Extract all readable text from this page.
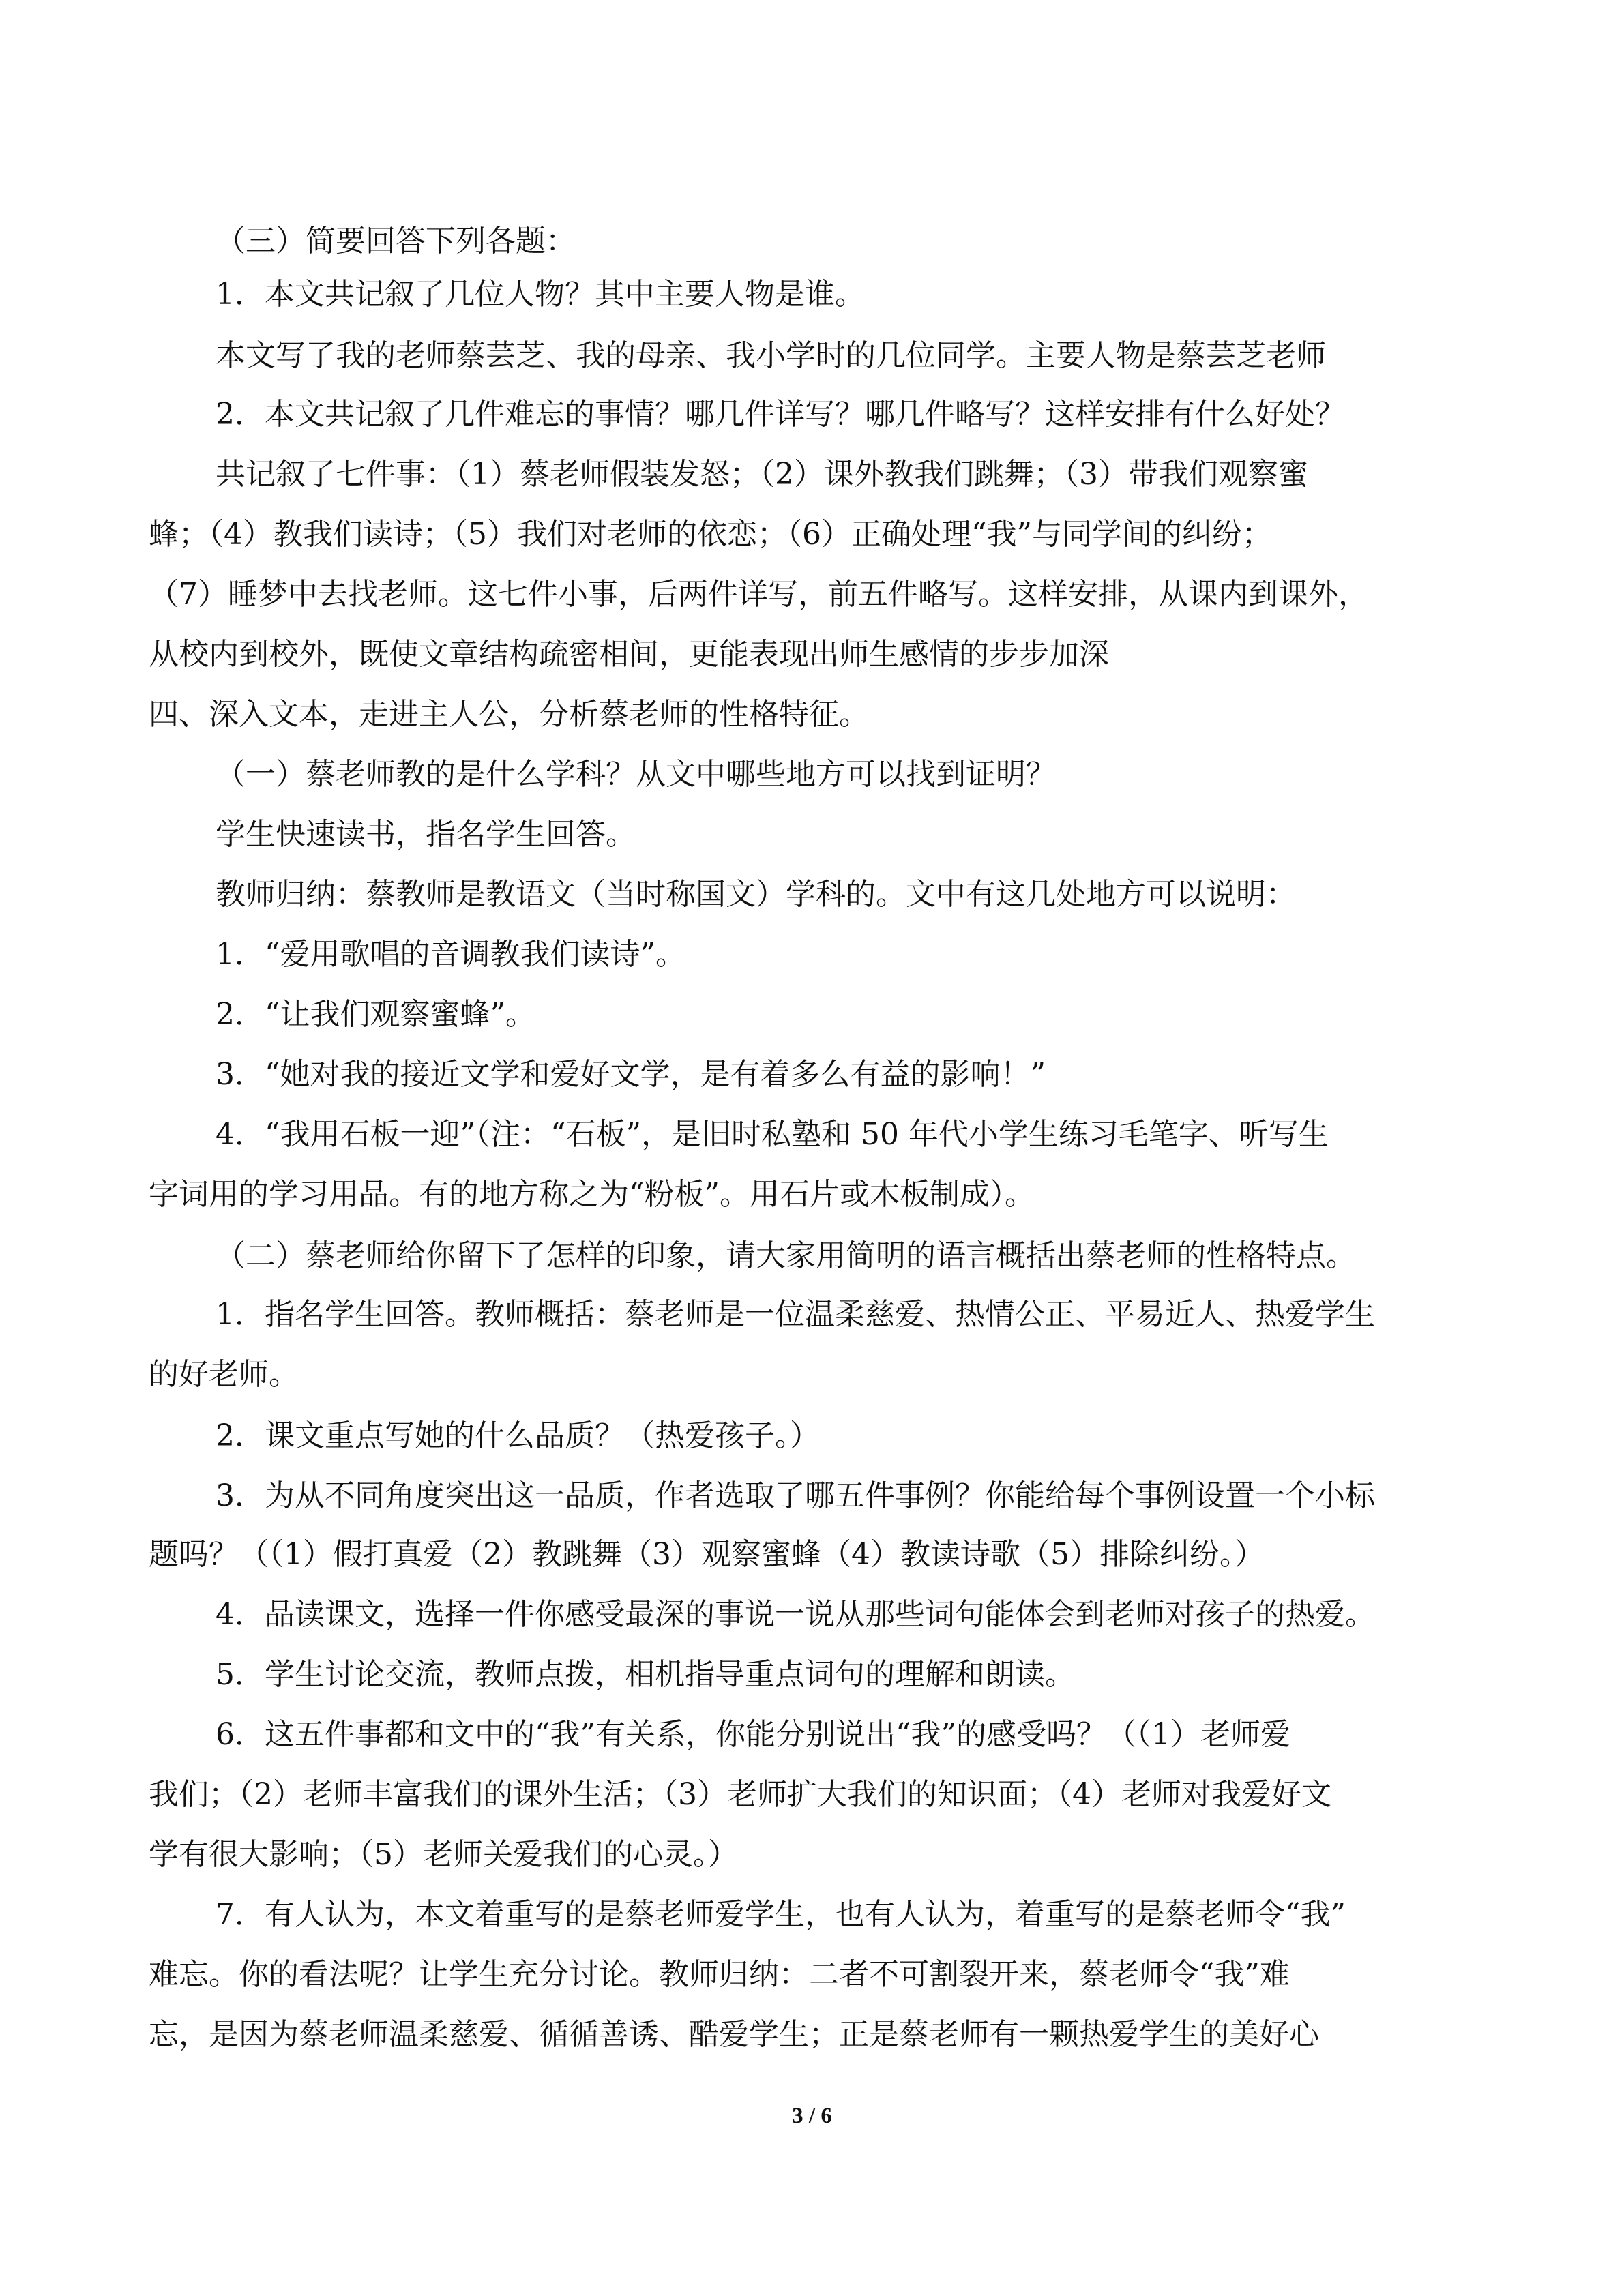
（三）简要回答下列各题：
1．本文共记叙了几位人物？其中主要人物是谁。
本文写了我的老师蔡芸芝、我的母亲、我小学时的几位同学。主要人物是蔡芸芝老师
2．本文共记叙了几件难忘的事情？哪几件详写？哪几件略写？这样安排有什么好处？
共记叙了七件事：（1）蔡老师假装发怒；（2）课外教我们跳舞；（3）带我们观察蜜
蜂；（4）教我们读诗；（5）我们对老师的依恋；（6）正确处理“我”与同学间的纠纷；
（7）睡梦中去找老师。这七件小事，后两件详写，前五件略写。这样安排，从课内到课外，
从校内到校外，既使文章结构疏密相间，更能表现出师生感情的步步加深
四、深入文本，走进主人公，分析蔡老师的性格特征。
（一）蔡老师教的是什么学科？从文中哪些地方可以找到证明？
学生快速读书，指名学生回答。
教师归纳：蔡教师是教语文（当时称国文）学科的。文中有这几处地方可以说明：
1．“爱用歌唱的音调教我们读诗”。
2．“让我们观察蜜蜂”。
3．“她对我的接近文学和爱好文学，是有着多么有益的影响！”
4．“我用石板一迎”（注：“石板”，是旧时私塾和 50 年代小学生练习毛笔字、听写生
字词用的学习用品。有的地方称之为“粉板”。用石片或木板制成）。
（二）蔡老师给你留下了怎样的印象，请大家用简明的语言概括出蔡老师的性格特点。
1．指名学生回答。教师概括：蔡老师是一位温柔慈爱、热情公正、平易近人、热爱学生
的好老师。
2．课文重点写她的什么品质？（热爱孩子。）
3．为从不同角度突出这一品质，作者选取了哪五件事例？你能给每个事例设置一个小标
题吗？（（1）假打真爱（2）教跳舞（3）观察蜜蜂（4）教读诗歌（5）排除纠纷。）
4．品读课文，选择一件你感受最深的事说一说从那些词句能体会到老师对孩子的热爱。
5．学生讨论交流，教师点拨，相机指导重点词句的理解和朗读。
6．这五件事都和文中的“我”有关系，你能分别说出“我”的感受吗？（（1）老师爱
我们；（2）老师丰富我们的课外生活；（3）老师扩大我们的知识面；（4）老师对我爱好文
学有很大影响；（5）老师关爱我们的心灵。）
7．有人认为，本文着重写的是蔡老师爱学生，也有人认为，着重写的是蔡老师令“我”
难忘。你的看法呢？让学生充分讨论。教师归纳：二者不可割裂开来，蔡老师令“我”难
忘，是因为蔡老师温柔慈爱、循循善诱、酷爱学生；正是蔡老师有一颗热爱学生的美好心
3 / 6
